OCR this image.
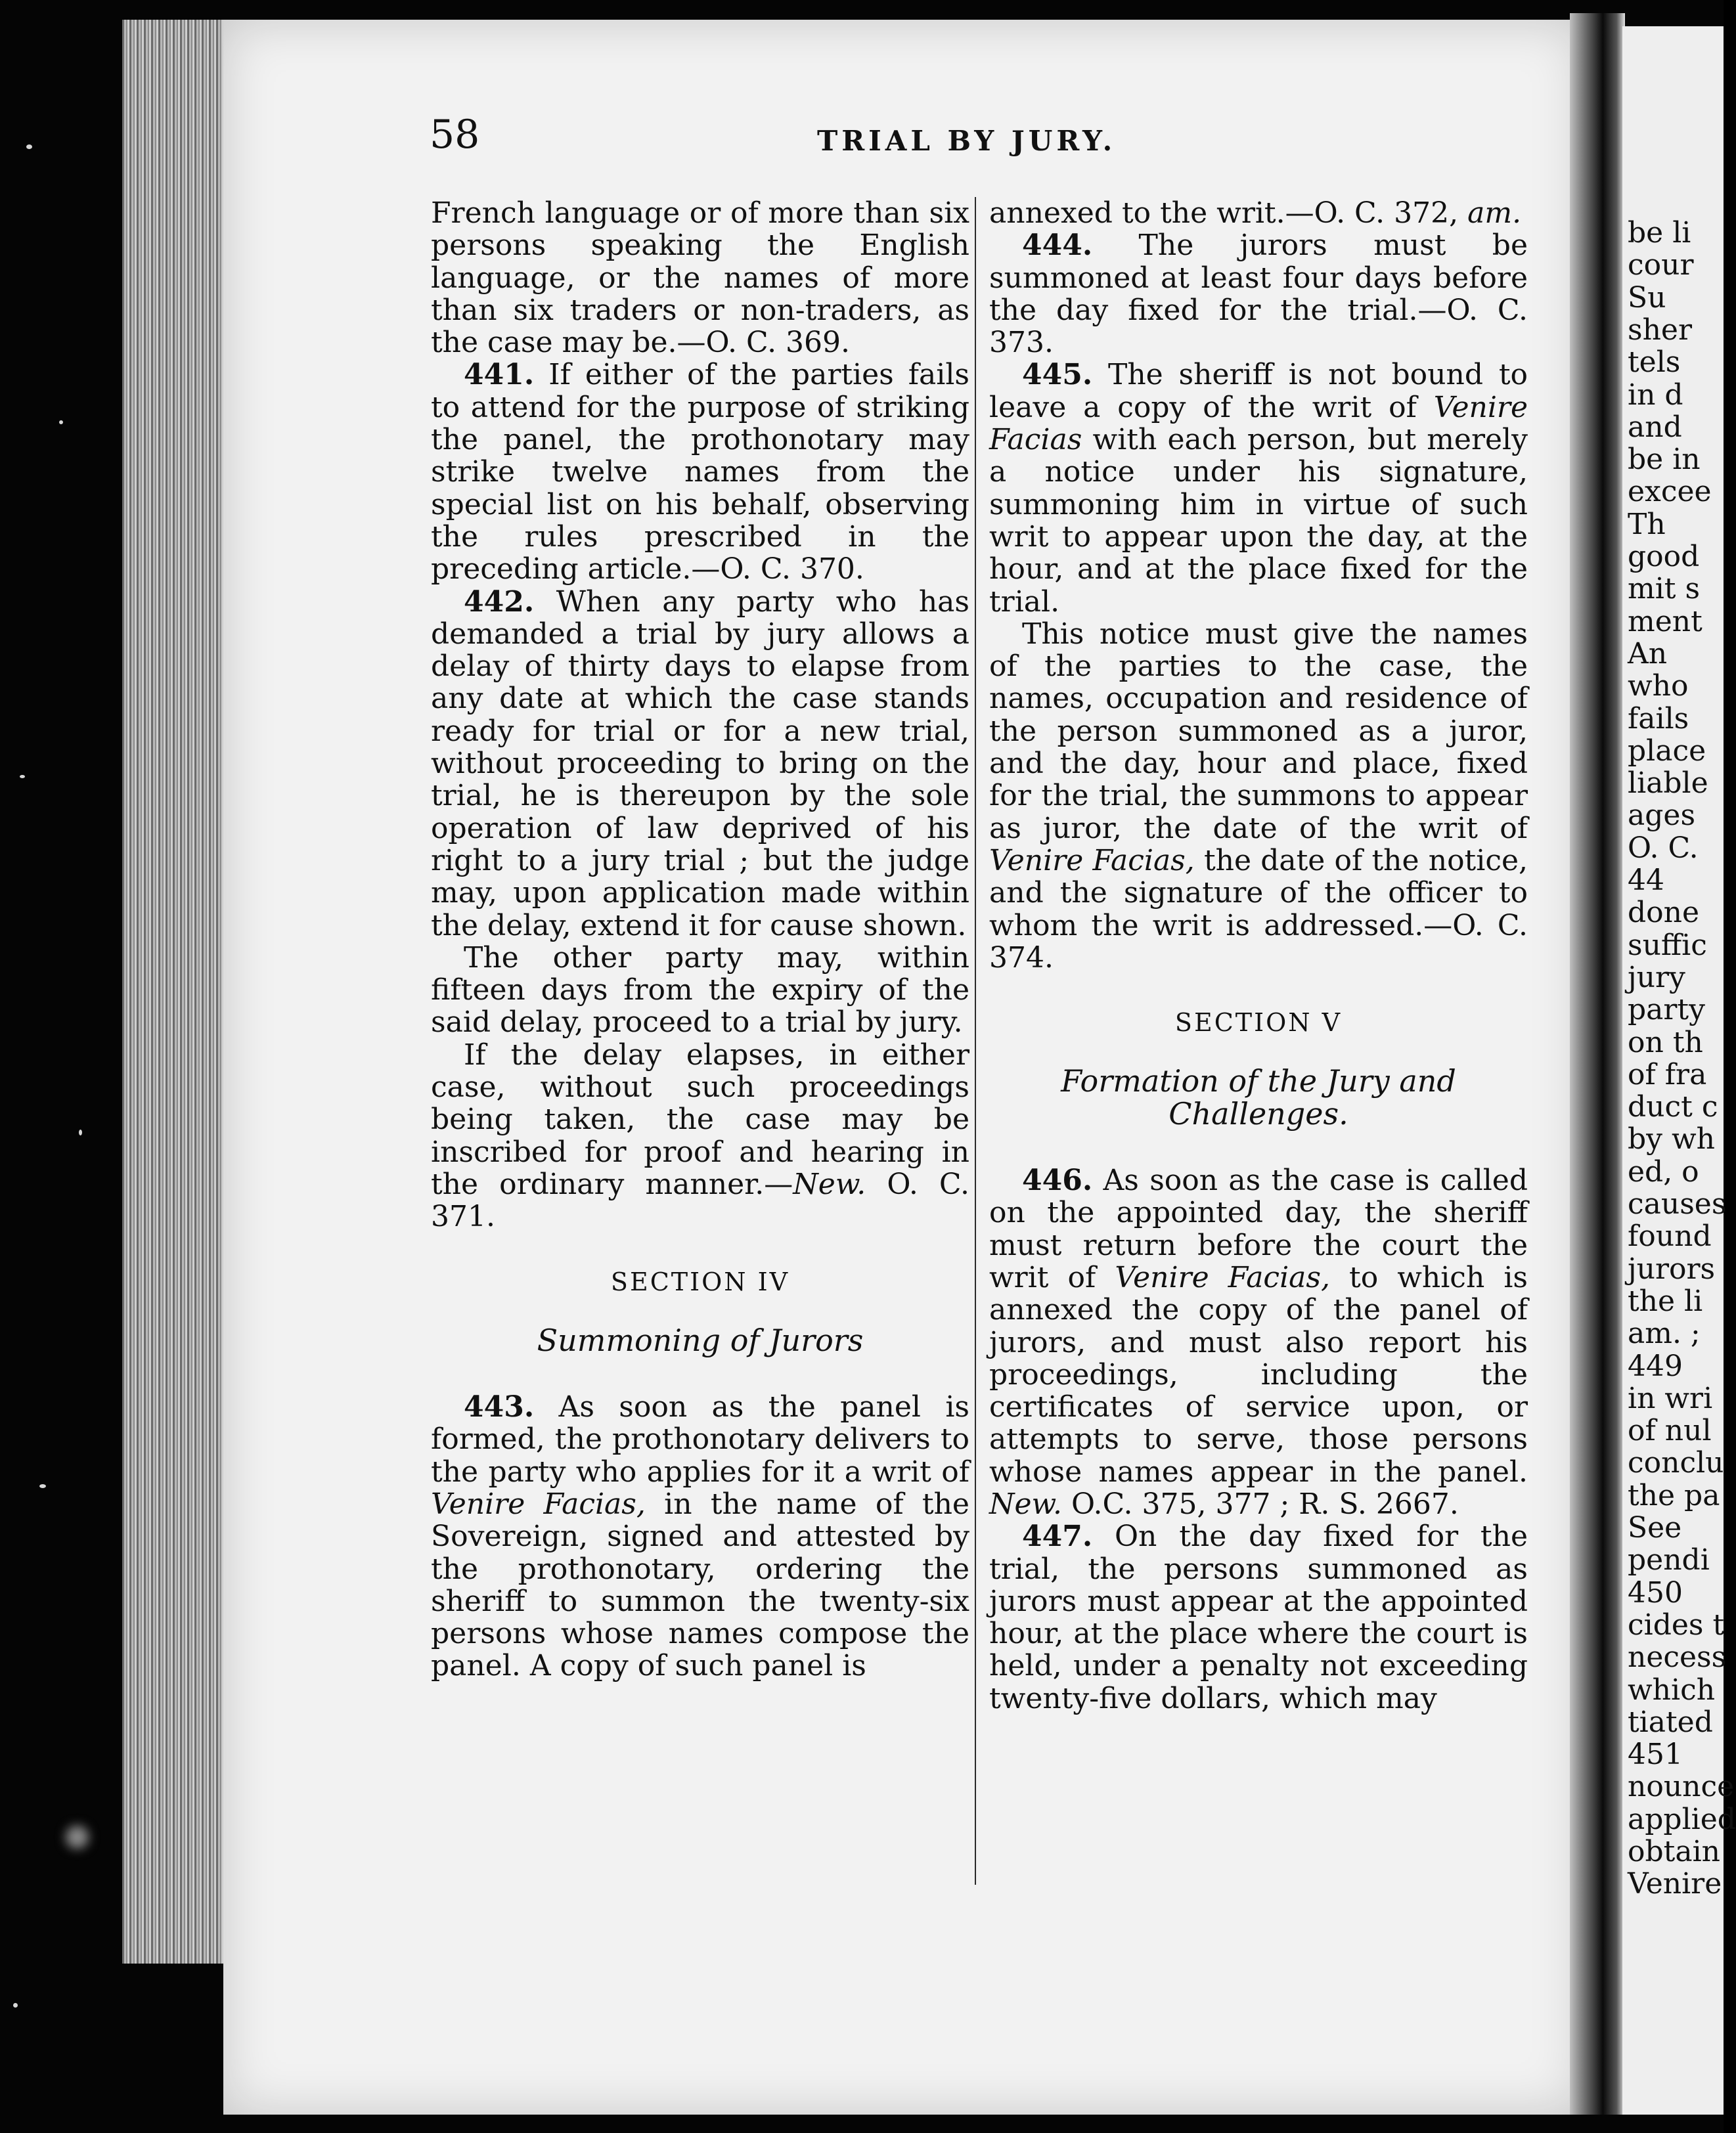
be li
cour
Su
sher
tels
in d
and
be in
excee
Th
good
mit s
ment
An
who
fails
place
liable
ages
O. C.
44
done
suffic
jury
party
on th
of fra
duct c
by wh
ed, o
causes
found
jurors
the li
am. ;
449
in wri
of nul
conclu
the pa
See
pendi
450
cides t
necess
which
tiated
451
nounce
applied
obtain
Venire
58	TRIAL BY JURY.

French language or of more than six persons speaking the English language, or the names of more than six traders or non-traders, as the case may be.—O. C. 369.

441. If either of the parties fails to attend for the purpose of striking the panel, the prothonotary may strike twelve names from the special list on his behalf, observing the rules prescribed in the preceding article.—O. C. 370.

442. When any party who has demanded a trial by jury allows a delay of thirty days to elapse from any date at which the case stands ready for trial or for a new trial, without proceeding to bring on the trial, he is thereupon by the sole operation of law deprived of his right to a jury trial ; but the judge may, upon application made within the delay, extend it for cause shown.

The other party may, within fifteen days from the expiry of the said delay, proceed to a trial by jury.

If the delay elapses, in either case, without such proceedings being taken, the case may be inscribed for proof and hearing in the ordinary manner.—New. O. C. 371.

SECTION IV
Summoning of Jurors

443. As soon as the panel is formed, the prothonotary delivers to the party who applies for it a writ of Venire Facias, in the name of the Sovereign, signed and attested by the prothonotary, ordering the sheriff to summon the twenty-six persons whose names compose the panel. A copy of such panel is

annexed to the writ.—O. C. 372, am.

444. The jurors must be summoned at least four days before the day fixed for the trial.—O. C. 373.

445. The sheriff is not bound to leave a copy of the writ of Venire Facias with each person, but merely a notice under his signature, summoning him in virtue of such writ to appear upon the day, at the hour, and at the place fixed for the trial.

This notice must give the names of the parties to the case, the names, occupation and residence of the person summoned as a juror, and the day, hour and place, fixed for the trial, the summons to appear as juror, the date of the writ of Venire Facias, the date of the notice, and the signature of the officer to whom the writ is addressed.—O. C. 374.

SECTION V
Formation of the Jury and Challenges.

446. As soon as the case is called on the appointed day, the sheriff must return before the court the writ of Venire Facias, to which is annexed the copy of the panel of jurors, and must also report his proceedings, including the certificates of service upon, or attempts to serve, those persons whose names appear in the panel. New. O.C. 375, 377 ; R. S. 2667.

447. On the day fixed for the trial, the persons summoned as jurors must appear at the appointed hour, at the place where the court is held, under a penalty not exceeding twenty-five dollars, which may
